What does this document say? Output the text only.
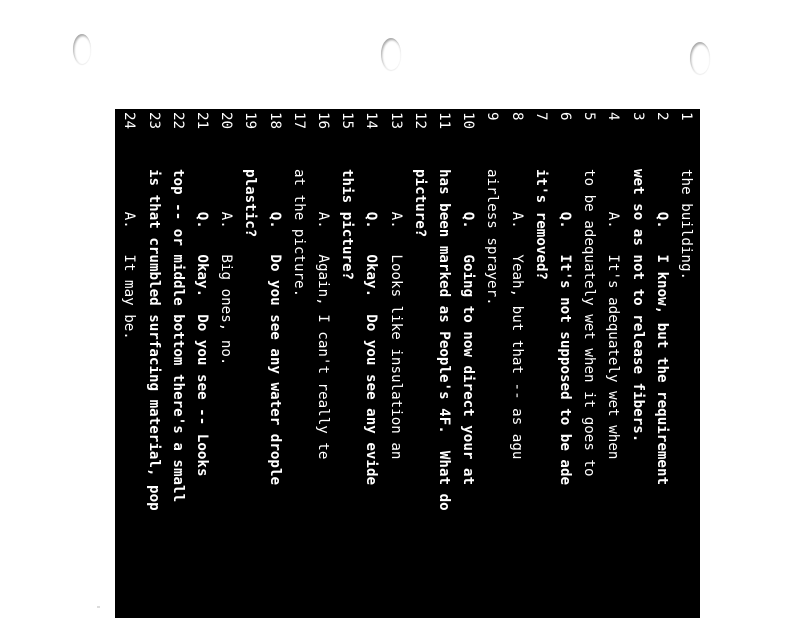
1
the building.
2
Q.   I know, but the requirement
3
wet so as not to release fibers.
4
A.   It's adequately wet when
5
to be adequately wet when it goes to
6
Q.   It's not supposed to be ade
7
it's removed?
8
A.   Yeah, but that -- as agu
9
airless sprayer.
10
Q.   Going to now direct your at
11
has been marked as People's 4F.  What do
12
picture?
13
A.   Looks like insulation an
14
Q.   Okay.  Do you see any evide
15
this picture?
16
A.   Again, I can't really te
17
at the picture.
18
Q.   Do you see any water drople
19
plastic?
20
A.   Big ones, no.
21
Q.   Okay.  Do you see -- Looks
22
top -- or middle bottom there's a small
23
is that crumbled surfacing material, pop
24
A.   It may be.
